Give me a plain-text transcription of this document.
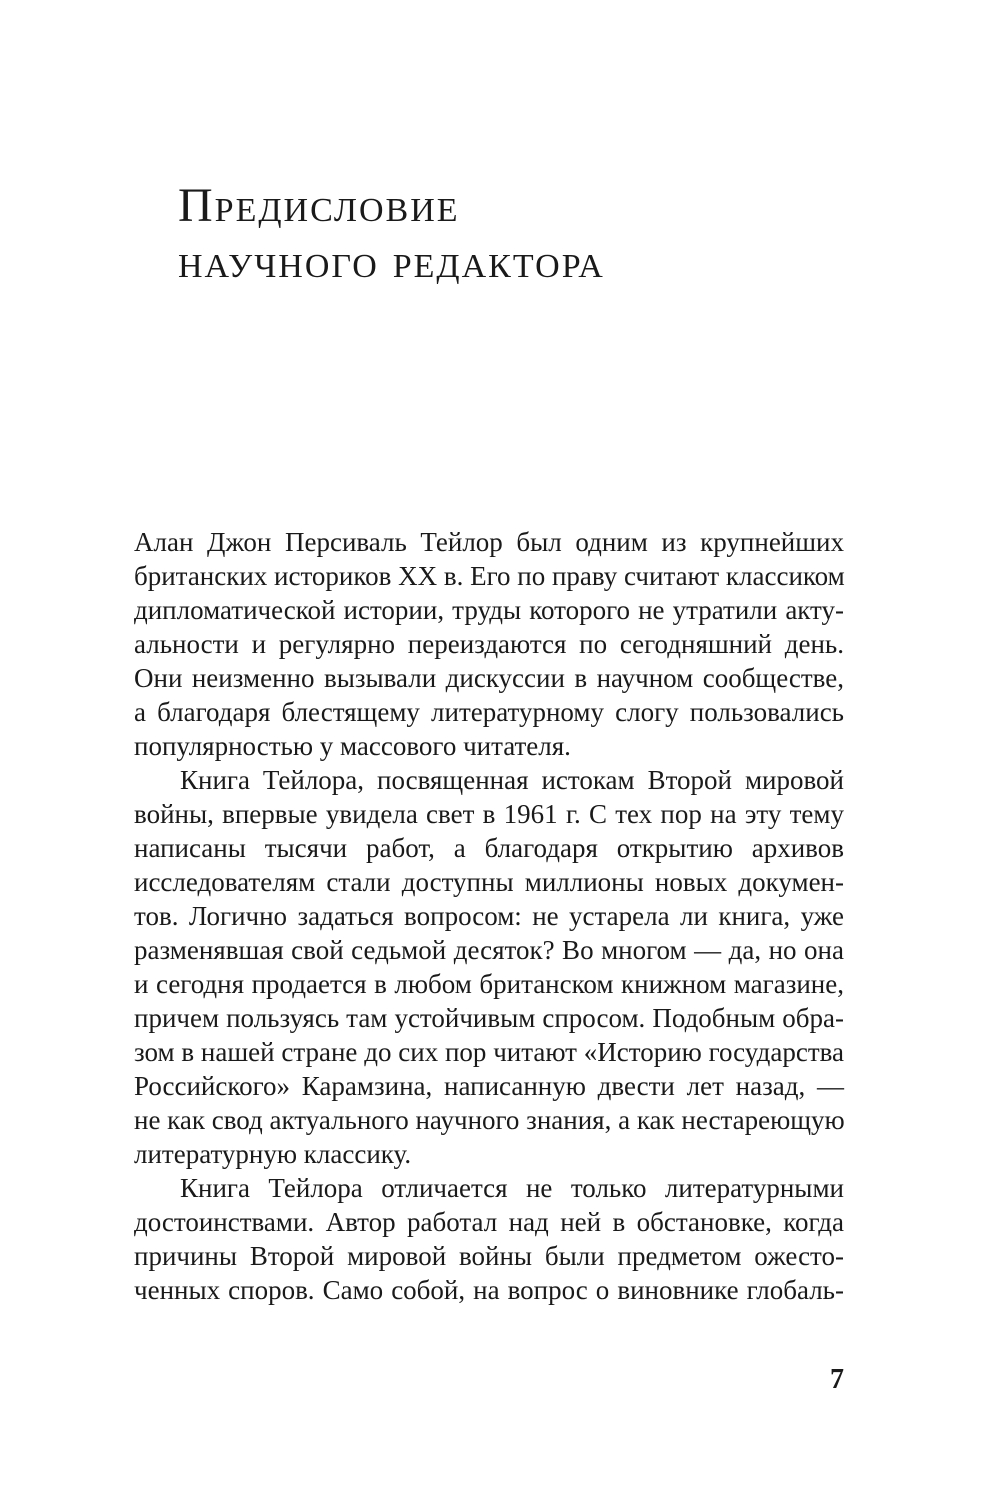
Предисловие
научного редактора
Алан Джон Персиваль Тейлор был одним из крупнейших
британских историков XX в. Его по праву считают классиком
дипломатической истории, труды которого не утратили акту-
альности и регулярно переиздаются по сегодняшний день.
Они неизменно вызывали дискуссии в научном сообществе,
а благодаря блестящему литературному слогу пользовались
популярностью у массового читателя.
Книга Тейлора, посвященная истокам Второй мировой
войны, впервые увидела свет в 1961 г. С тех пор на эту тему
написаны тысячи работ, а благодаря открытию архивов
исследователям стали доступны миллионы новых докумен-
тов. Логично задаться вопросом: не устарела ли книга, уже
разменявшая свой седьмой десяток? Во многом — да, но она
и сегодня продается в любом британском книжном магазине,
причем пользуясь там устойчивым спросом. Подобным обра-
зом в нашей стране до сих пор читают «Историю государства
Российского» Карамзина, написанную двести лет назад, —
не как свод актуального научного знания, а как нестареющую
литературную классику.
Книга Тейлора отличается не только литературными
достоинствами. Автор работал над ней в обстановке, когда
причины Второй мировой войны были предметом ожесто-
ченных споров. Само собой, на вопрос о виновнике глобаль-
7
